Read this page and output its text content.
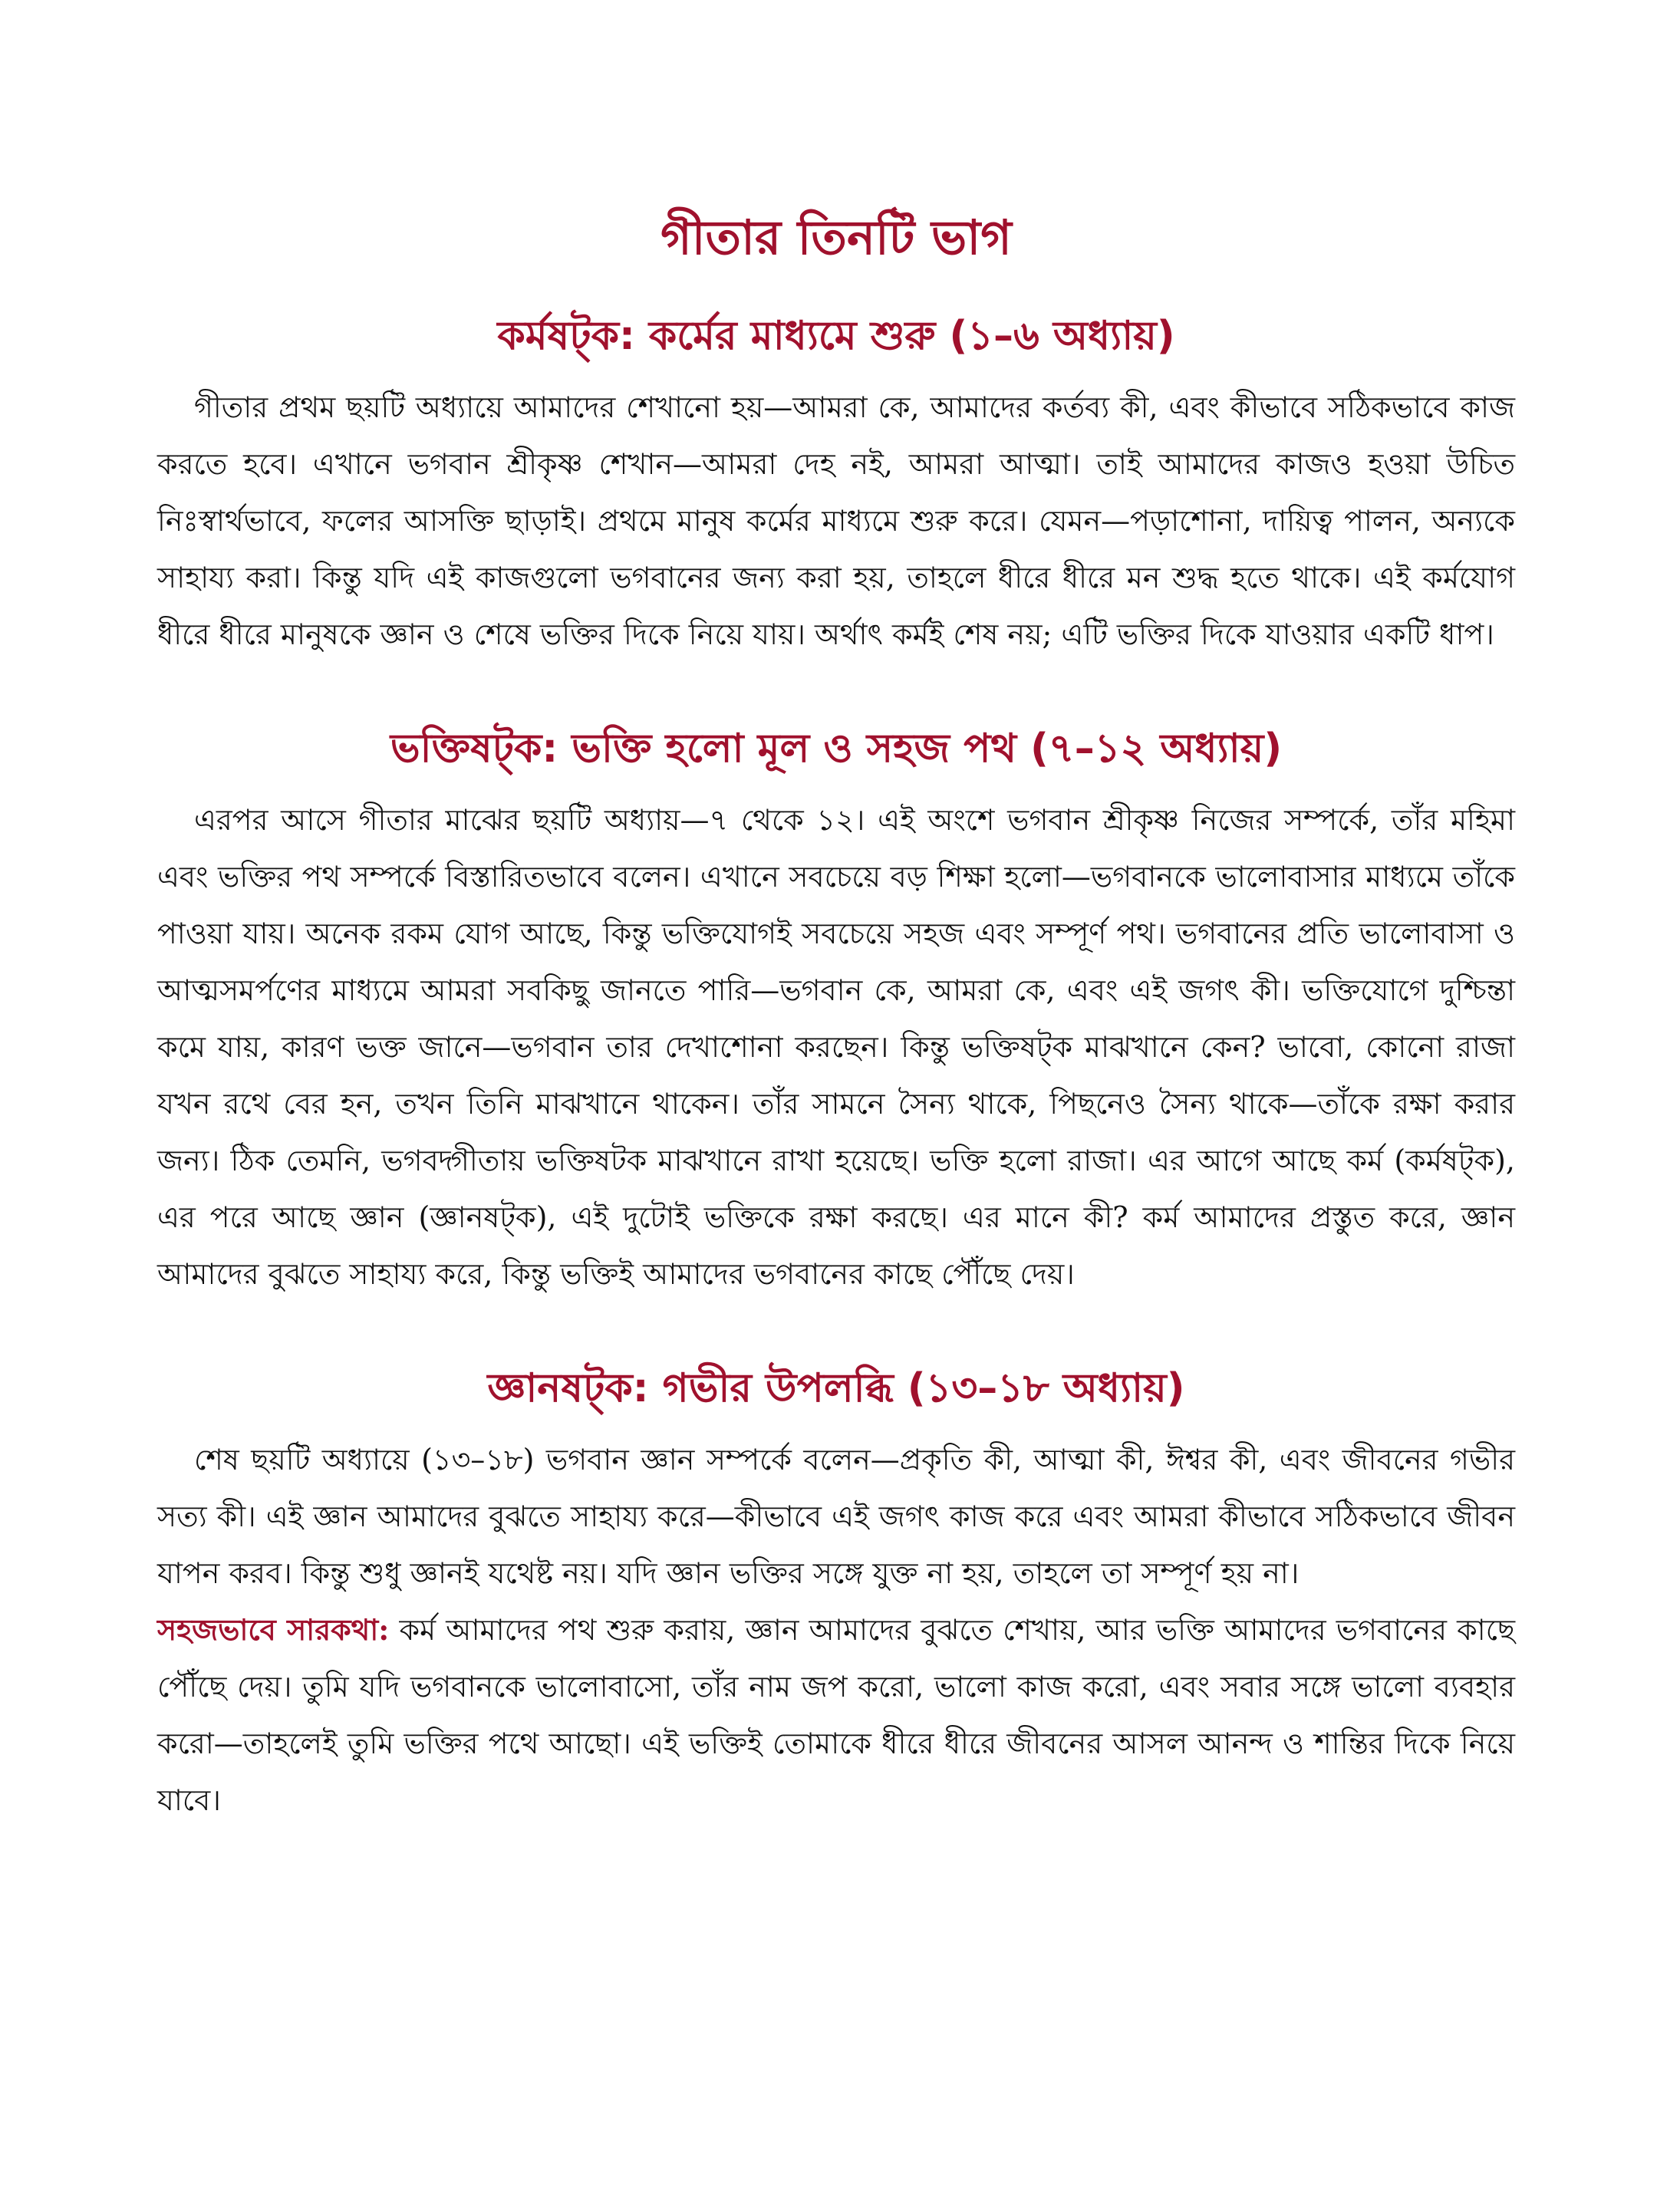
গীতার তিনটি ভাগ
কর্মষট্‌ক: কর্মের মাধ্যমে শুরু (১–৬ অধ্যায়)

গীতার প্রথম ছয়টি অধ্যায়ে আমাদের শেখানো হয়—আমরা কে, আমাদের কর্তব্য কী, এবং কীভাবে সঠিকভাবে কাজ করতে হবে। এখানে ভগবান শ্রীকৃষ্ণ শেখান—আমরা দেহ নই, আমরা আত্মা। তাই আমাদের কাজও হওয়া উচিত নিঃস্বার্থভাবে, ফলের আসক্তি ছাড়াই। প্রথমে মানুষ কর্মের মাধ্যমে শুরু করে। যেমন—পড়াশোনা, দায়িত্ব পালন, অন্যকে সাহায্য করা। কিন্তু যদি এই কাজগুলো ভগবানের জন্য করা হয়, তাহলে ধীরে ধীরে মন শুদ্ধ হতে থাকে। এই কর্মযোগ ধীরে ধীরে মানুষকে জ্ঞান ও শেষে ভক্তির দিকে নিয়ে যায়। অর্থাৎ কর্মই শেষ নয়; এটি ভক্তির দিকে যাওয়ার একটি ধাপ।

ভক্তিষট্‌ক: ভক্তি হলো মূল ও সহজ পথ (৭–১২ অধ্যায়)

এরপর আসে গীতার মাঝের ছয়টি অধ্যায়—৭ থেকে ১২। এই অংশে ভগবান শ্রীকৃষ্ণ নিজের সম্পর্কে, তাঁর মহিমা এবং ভক্তির পথ সম্পর্কে বিস্তারিতভাবে বলেন। এখানে সবচেয়ে বড় শিক্ষা হলো—ভগবানকে ভালোবাসার মাধ্যমে তাঁকে পাওয়া যায়। অনেক রকম যোগ আছে, কিন্তু ভক্তিযোগই সবচেয়ে সহজ এবং সম্পূর্ণ পথ। ভগবানের প্রতি ভালোবাসা ও আত্মসমর্পণের মাধ্যমে আমরা সবকিছু জানতে পারি—ভগবান কে, আমরা কে, এবং এই জগৎ কী। ভক্তিযোগে দুশ্চিন্তা কমে যায়, কারণ ভক্ত জানে—ভগবান তার দেখাশোনা করছেন। কিন্তু ভক্তিষট্‌ক মাঝখানে কেন? ভাবো, কোনো রাজা যখন রথে বের হন, তখন তিনি মাঝখানে থাকেন। তাঁর সামনে সৈন্য থাকে, পিছনেও সৈন্য থাকে—তাঁকে রক্ষা করার জন্য। ঠিক তেমনি, ভগবদ্গীতায় ভক্তিষটক মাঝখানে রাখা হয়েছে। ভক্তি হলো রাজা। এর আগে আছে কর্ম (কর্মষট্‌ক), এর পরে আছে জ্ঞান (জ্ঞানষট্‌ক), এই দুটোই ভক্তিকে রক্ষা করছে। এর মানে কী? কর্ম আমাদের প্রস্তুত করে, জ্ঞান আমাদের বুঝতে সাহায্য করে, কিন্তু ভক্তিই আমাদের ভগবানের কাছে পৌঁছে দেয়।

জ্ঞানষট্‌ক: গভীর উপলব্ধি (১৩–১৮ অধ্যায়)

শেষ ছয়টি অধ্যায়ে (১৩–১৮) ভগবান জ্ঞান সম্পর্কে বলেন—প্রকৃতি কী, আত্মা কী, ঈশ্বর কী, এবং জীবনের গভীর সত্য কী। এই জ্ঞান আমাদের বুঝতে সাহায্য করে—কীভাবে এই জগৎ কাজ করে এবং আমরা কীভাবে সঠিকভাবে জীবন যাপন করব। কিন্তু শুধু জ্ঞানই যথেষ্ট নয়। যদি জ্ঞান ভক্তির সঙ্গে যুক্ত না হয়, তাহলে তা সম্পূর্ণ হয় না।

সহজভাবে সারকথা: কর্ম আমাদের পথ শুরু করায়, জ্ঞান আমাদের বুঝতে শেখায়, আর ভক্তি আমাদের ভগবানের কাছে পৌঁছে দেয়। তুমি যদি ভগবানকে ভালোবাসো, তাঁর নাম জপ করো, ভালো কাজ করো, এবং সবার সঙ্গে ভালো ব্যবহার করো—তাহলেই তুমি ভক্তির পথে আছো। এই ভক্তিই তোমাকে ধীরে ধীরে জীবনের আসল আনন্দ ও শান্তির দিকে নিয়ে যাবে।
